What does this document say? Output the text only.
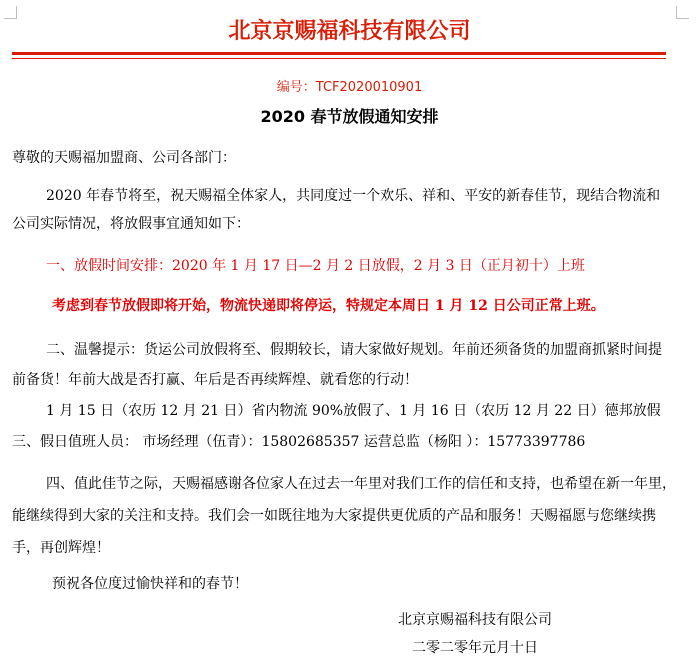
北京京赐福科技有限公司
编号：TCF2020010901
2020 春节放假通知安排
尊敬的天赐福加盟商、公司各部门：
2020 年春节将至，祝天赐福全体家人，共同度过一个欢乐、祥和、平安的新春佳节，现结合物流和
公司实际情况，将放假事宜通知如下：
一、放假时间安排：2020 年 1 月 17 日—2 月 2 日放假，2 月 3 日（正月初十）上班
考虑到春节放假即将开始，物流快递即将停运，特规定本周日 1 月 12 日公司正常上班。
二、温馨提示：货运公司放假将至、假期较长，请大家做好规划。年前还须备货的加盟商抓紧时间提
前备货！年前大战是否打赢、年后是否再续辉煌、就看您的行动！
1 月 15 日（农历 12 月 21 日）省内物流 90%放假了、1 月 16 日（农历 12 月 22 日）德邦放假
三、假日值班人员： 市场经理（伍青）：15802685357 运营总监（杨阳 ）：15773397786
四、值此佳节之际，天赐福感谢各位家人在过去一年里对我们工作的信任和支持，也希望在新一年里，
能继续得到大家的关注和支持。我们会一如既往地为大家提供更优质的产品和服务！天赐福愿与您继续携
手，再创辉煌！
预祝各位度过愉快祥和的春节！
北京京赐福科技有限公司
二零二零年元月十日
